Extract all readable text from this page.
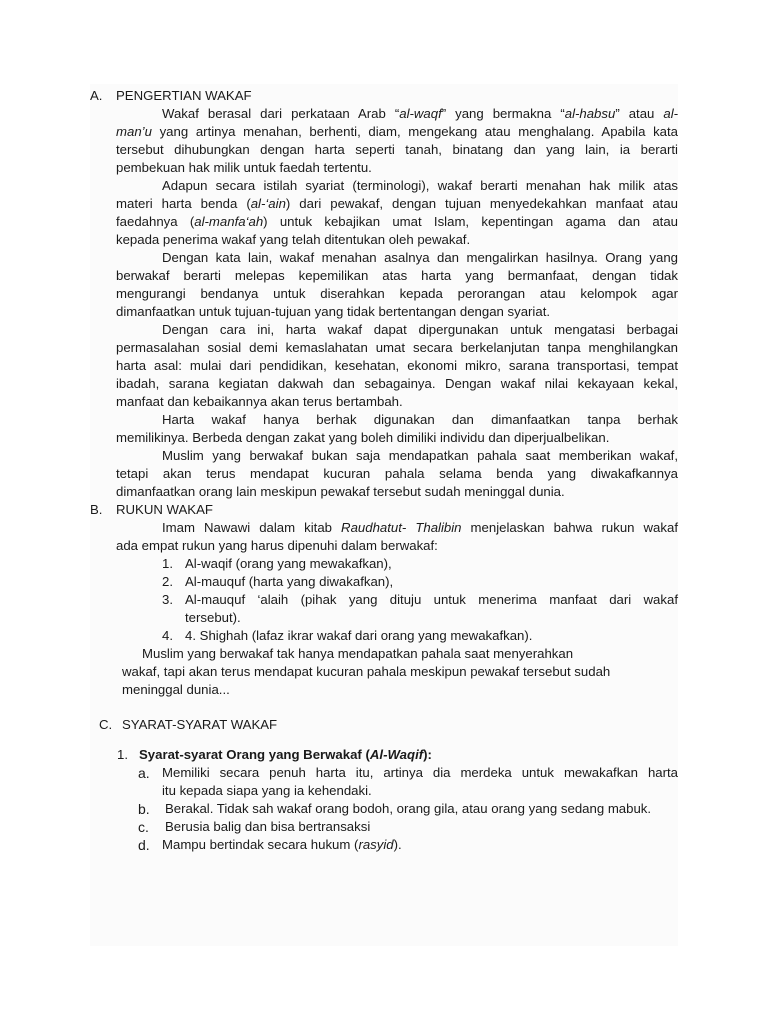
A. PENGERTIAN WAKAF
Wakaf berasal dari perkataan Arab “al-waqf” yang bermakna “al-habsu” atau al-
man’u yang artinya menahan, berhenti, diam, mengekang atau menghalang. Apabila kata
tersebut dihubungkan dengan harta seperti tanah, binatang dan yang lain, ia berarti
pembekuan hak milik untuk faedah tertentu.
Adapun secara istilah syariat (terminologi), wakaf berarti menahan hak milik atas
materi harta benda (al-‘ain) dari pewakaf, dengan tujuan menyedekahkan manfaat atau
faedahnya (al-manfa‘ah) untuk kebajikan umat Islam, kepentingan agama dan atau
kepada penerima wakaf yang telah ditentukan oleh pewakaf.
Dengan kata lain, wakaf menahan asalnya dan mengalirkan hasilnya. Orang yang
berwakaf berarti melepas kepemilikan atas harta yang bermanfaat, dengan tidak
mengurangi bendanya untuk diserahkan kepada perorangan atau kelompok agar
dimanfaatkan untuk tujuan-tujuan yang tidak bertentangan dengan syariat.
Dengan cara ini, harta wakaf dapat dipergunakan untuk mengatasi berbagai
permasalahan sosial demi kemaslahatan umat secara berkelanjutan tanpa menghilangkan
harta asal: mulai dari pendidikan, kesehatan, ekonomi mikro, sarana transportasi, tempat
ibadah, sarana kegiatan dakwah dan sebagainya. Dengan wakaf nilai kekayaan kekal,
manfaat dan kebaikannya akan terus bertambah.
Harta wakaf hanya berhak digunakan dan dimanfaatkan tanpa berhak
memilikinya. Berbeda dengan zakat yang boleh dimiliki individu dan diperjualbelikan.
Muslim yang berwakaf bukan saja mendapatkan pahala saat memberikan wakaf,
tetapi akan terus mendapat kucuran pahala selama benda yang diwakafkannya
dimanfaatkan orang lain meskipun pewakaf tersebut sudah meninggal dunia.
B. RUKUN WAKAF
Imam Nawawi dalam kitab Raudhatut- Thalibin menjelaskan bahwa rukun wakaf
ada empat rukun yang harus dipenuhi dalam berwakaf:
1. Al-waqif (orang yang mewakafkan),
2. Al-mauquf (harta yang diwakafkan),
3. Al-mauquf ‘alaih (pihak yang dituju untuk menerima manfaat dari wakaf
tersebut).
4. 4. Shighah (lafaz ikrar wakaf dari orang yang mewakafkan).
Muslim yang berwakaf tak hanya mendapatkan pahala saat menyerahkan
wakaf, tapi akan terus mendapat kucuran pahala meskipun pewakaf tersebut sudah
meninggal dunia...
C. SYARAT-SYARAT WAKAF
1. Syarat-syarat Orang yang Berwakaf (Al-Waqif):
a. Memiliki secara penuh harta itu, artinya dia merdeka untuk mewakafkan harta
itu kepada siapa yang ia kehendaki.
b. Berakal. Tidak sah wakaf orang bodoh, orang gila, atau orang yang sedang mabuk.
c. Berusia balig dan bisa bertransaksi
d. Mampu bertindak secara hukum (rasyid).
